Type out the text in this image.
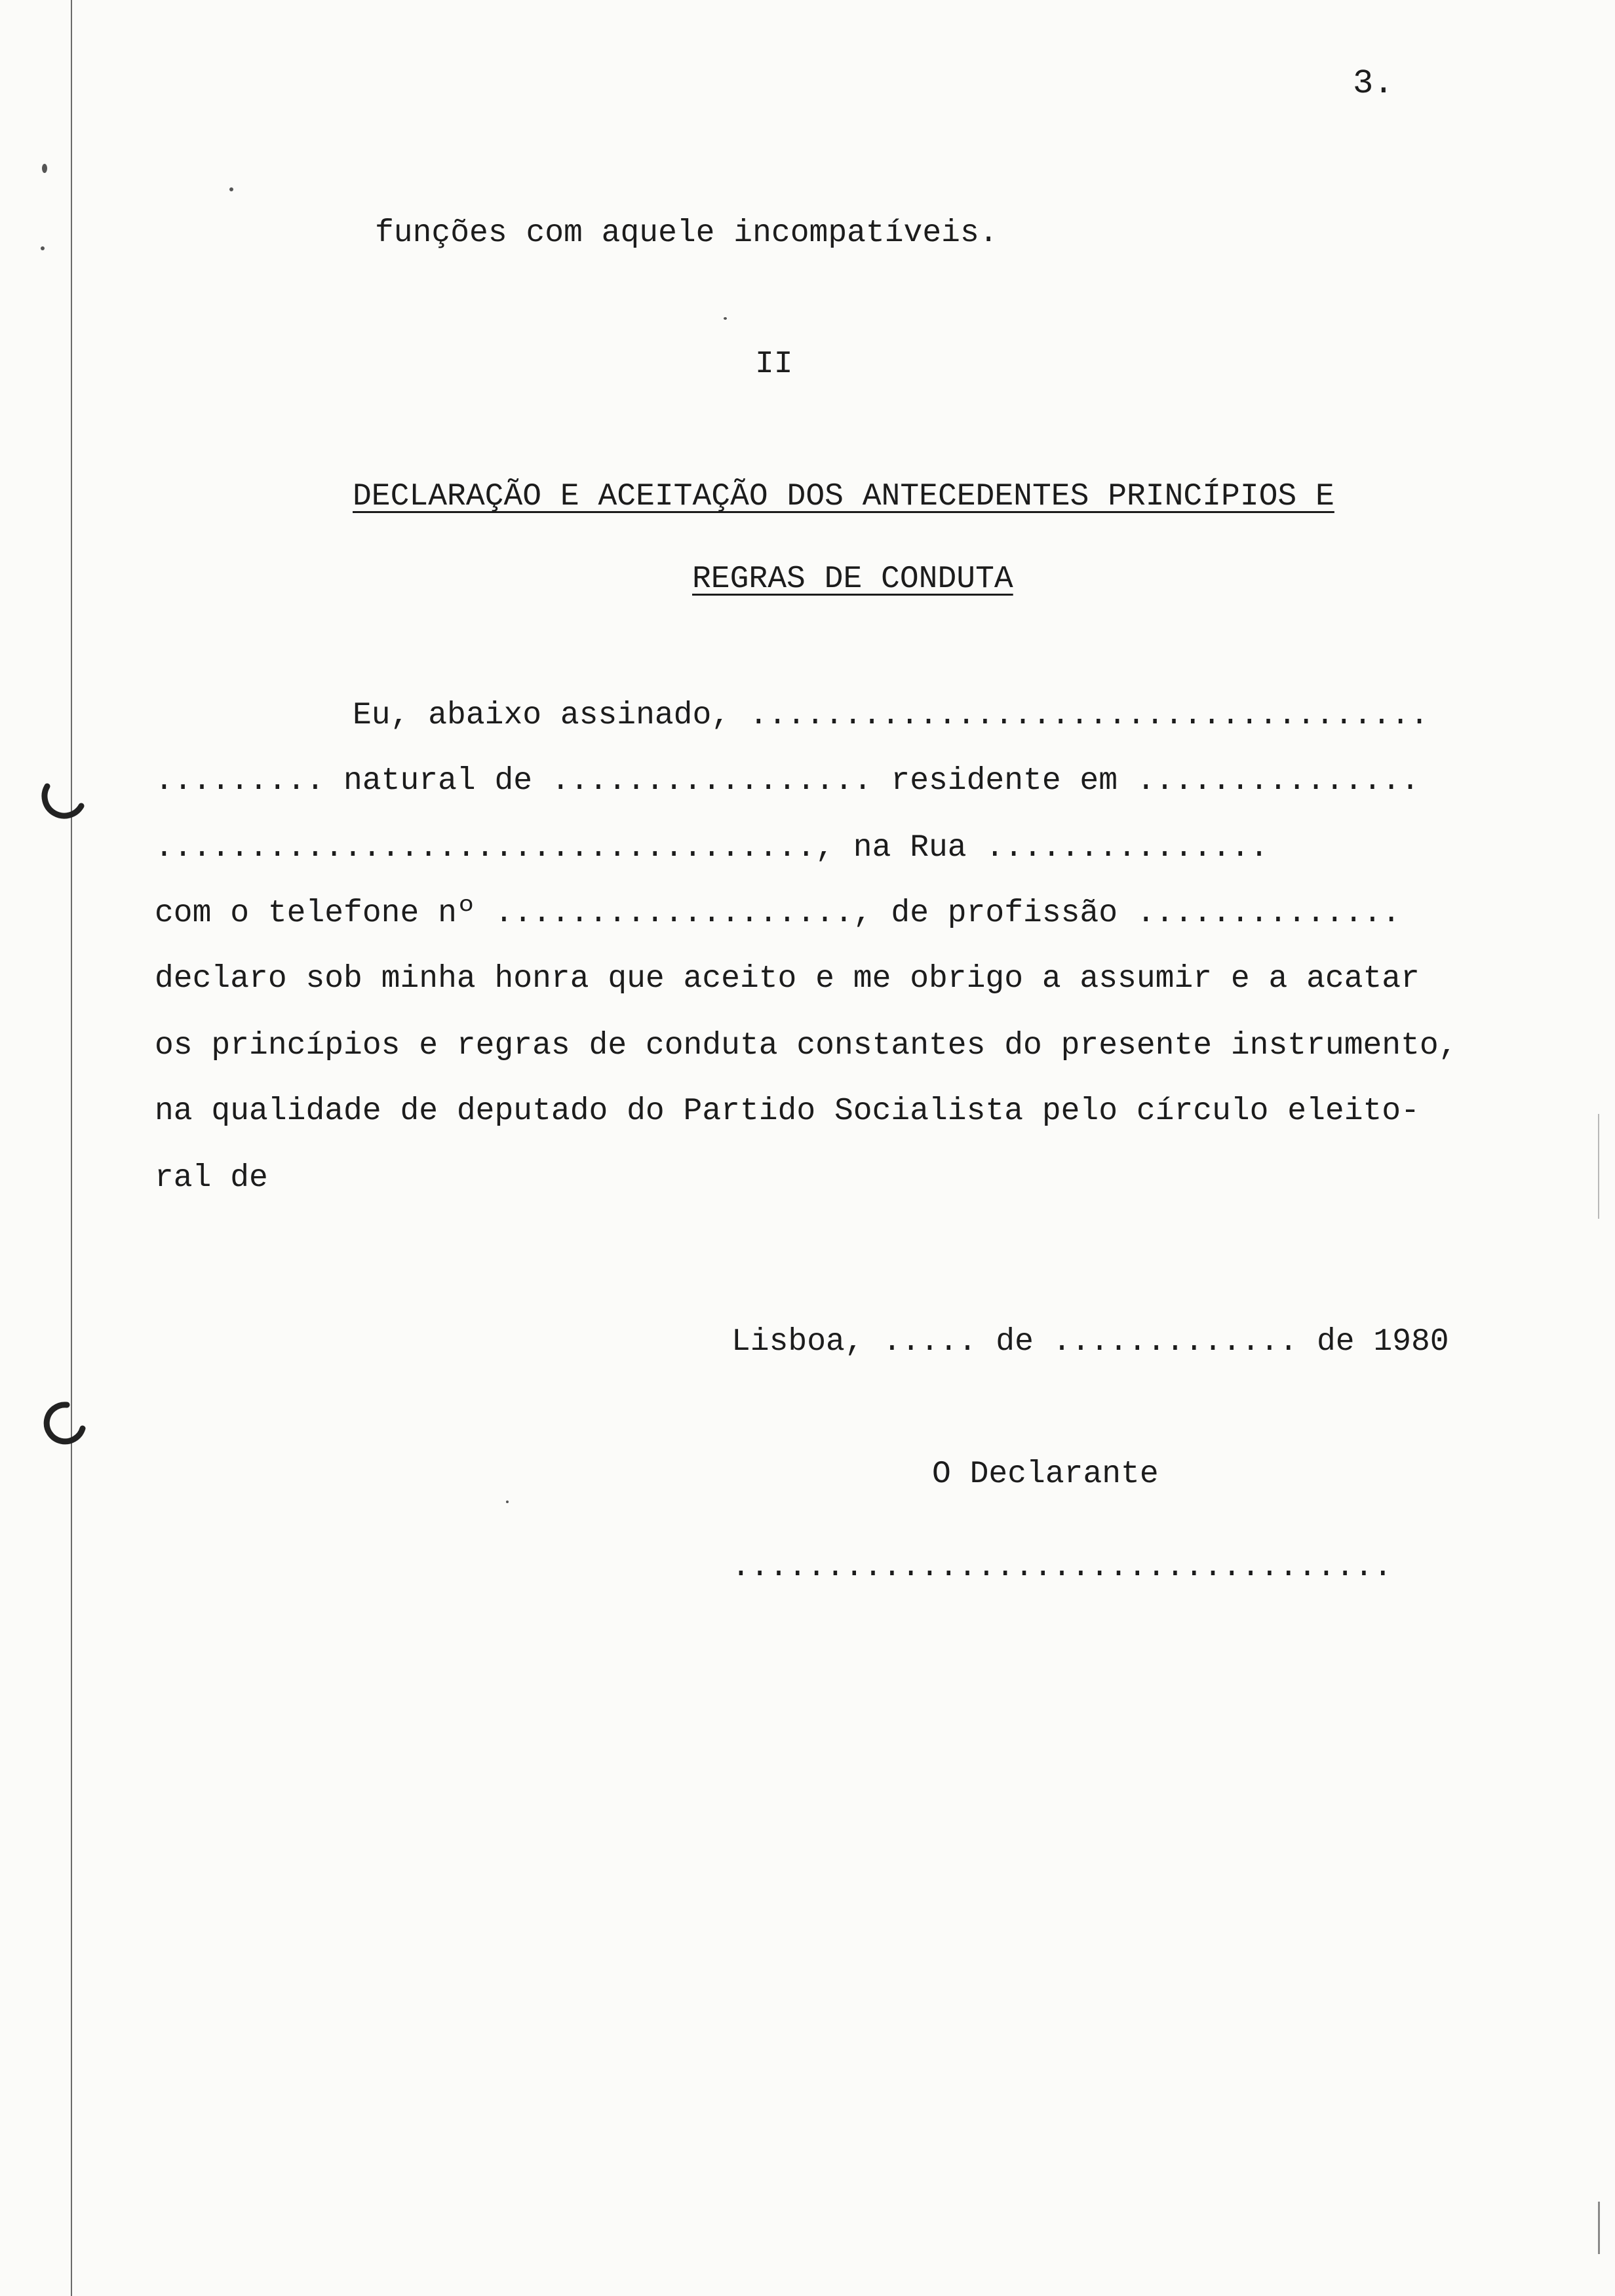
3.
funções com aquele incompatíveis.
II
DECLARAÇÃO E ACEITAÇÃO DOS ANTECEDENTES PRINCÍPIOS E
REGRAS DE CONDUTA
Eu, abaixo assinado, ....................................
......... natural de ................. residente em ...............
..................................., na Rua ...............
com o telefone nº ..................., de profissão ..............
declaro sob minha honra que aceito e me obrigo a assumir e a acatar
os princípios e regras de conduta constantes do presente instrumento,
na qualidade de deputado do Partido Socialista pelo círculo eleito-
ral de
Lisboa, ..... de ............. de 1980
O Declarante
...................................
